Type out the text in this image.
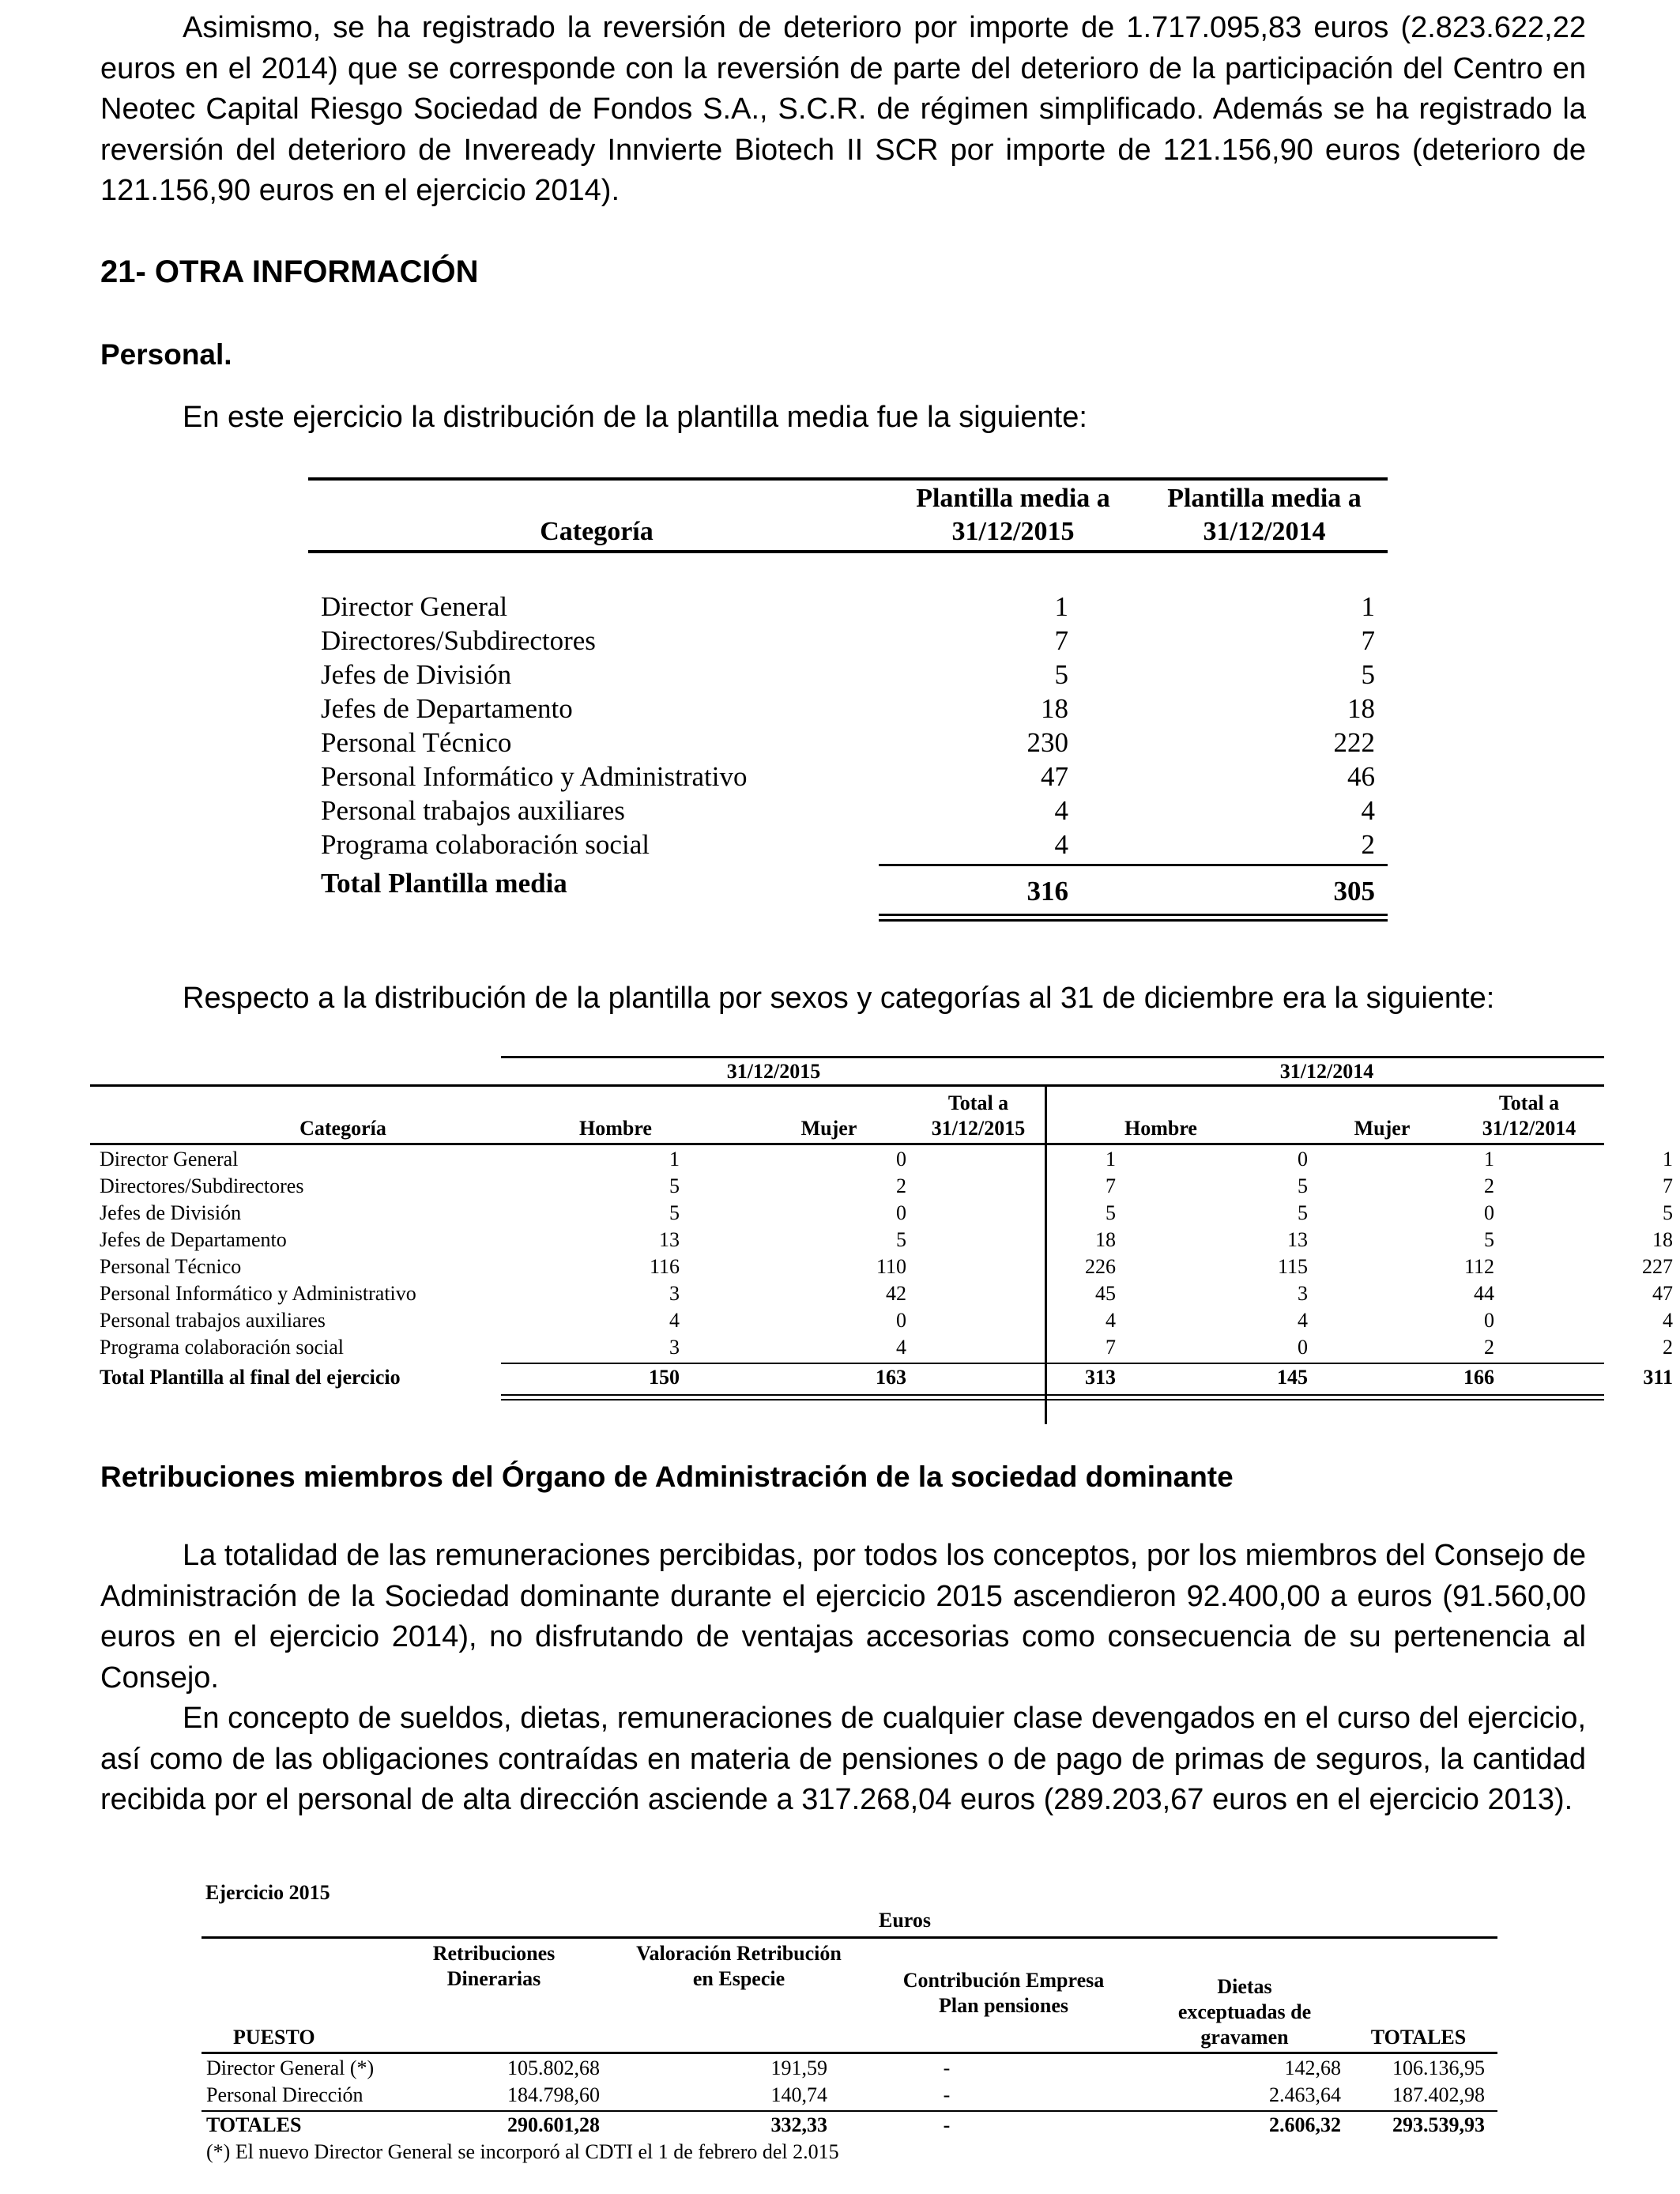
Asimismo, se ha registrado la reversión de deterioro por importe de 1.717.095,83 euros (2.823.622,22 euros en el 2014) que se corresponde con la reversión de parte del deterioro de la participación del Centro en Neotec Capital Riesgo Sociedad de Fondos S.A., S.C.R. de régimen simplificado. Además se ha registrado la reversión del deterioro de Inveready Innvierte Biotech II SCR por importe de 121.156,90 euros (deterioro de 121.156,90 euros en el ejercicio 2014).

21- OTRA INFORMACIÓN
Personal.
En este ejercicio la distribución de la plantilla media fue la siguiente:
Categoría
Plantilla media a
31/12/2015
Plantilla media a
31/12/2014
Director General	1	1
Directores/Subdirectores	7	7
Jefes de División	5	5
Jefes de Departamento	18	18
Personal Técnico	230	222
Personal Informático y Administrativo	47	46
Personal trabajos auxiliares	4	4
Programa colaboración social	4	2
Total Plantilla media	316	305
Respecto a la distribución de la plantilla por sexos y categorías al 31 de diciembre era la siguiente:
31/12/2015	31/12/2014
Categoría	Hombre	Mujer
Total a
31/12/2015	Hombre	Mujer
Total a
31/12/2014
Director General	1	0	1	0	1	1
Directores/Subdirectores	5	2	7	5	2	7
Jefes de División	5	0	5	5	0	5
Jefes de Departamento	13	5	18	13	5	18
Personal Técnico	116	110	226	115	112	227
Personal Informático y Administrativo	3	42	45	3	44	47
Personal trabajos auxiliares	4	0	4	4	0	4
Programa colaboración social	3	4	7	0	2	2
Total Plantilla al final del ejercicio	150	163	313	145	166	311
Retribuciones miembros del Órgano de Administración de la sociedad dominante

La totalidad de las remuneraciones percibidas, por todos los conceptos, por los miembros del Consejo de Administración de la Sociedad dominante durante el ejercicio 2015 ascendieron 92.400,00 a euros (91.560,00 euros en el ejercicio 2014), no disfrutando de ventajas accesorias como consecuencia de su pertenencia al Consejo.

En concepto de sueldos, dietas, remuneraciones de cualquier clase devengados en el curso del ejercicio, así como de las obligaciones contraídas en materia de pensiones o de pago de primas de seguros, la cantidad recibida por el personal de alta dirección asciende a 317.268,04 euros (289.203,67 euros en el ejercicio 2013).

Ejercicio 2015
Euros
PUESTO
Retribuciones
Dinerarias
Valoración Retribución
en Especie	Contribución Empresa
Plan pensiones
Dietas
exceptuadas de
gravamen	TOTALES
Director General (*)	105.802,68	191,59	-	142,68	106.136,95
Personal Dirección	184.798,60	140,74	-	2.463,64	187.402,98
TOTALES	290.601,28	332,33	-	2.606,32	293.539,93
(*) El nuevo Director General se incorporó al CDTI el 1 de febrero del 2.015
